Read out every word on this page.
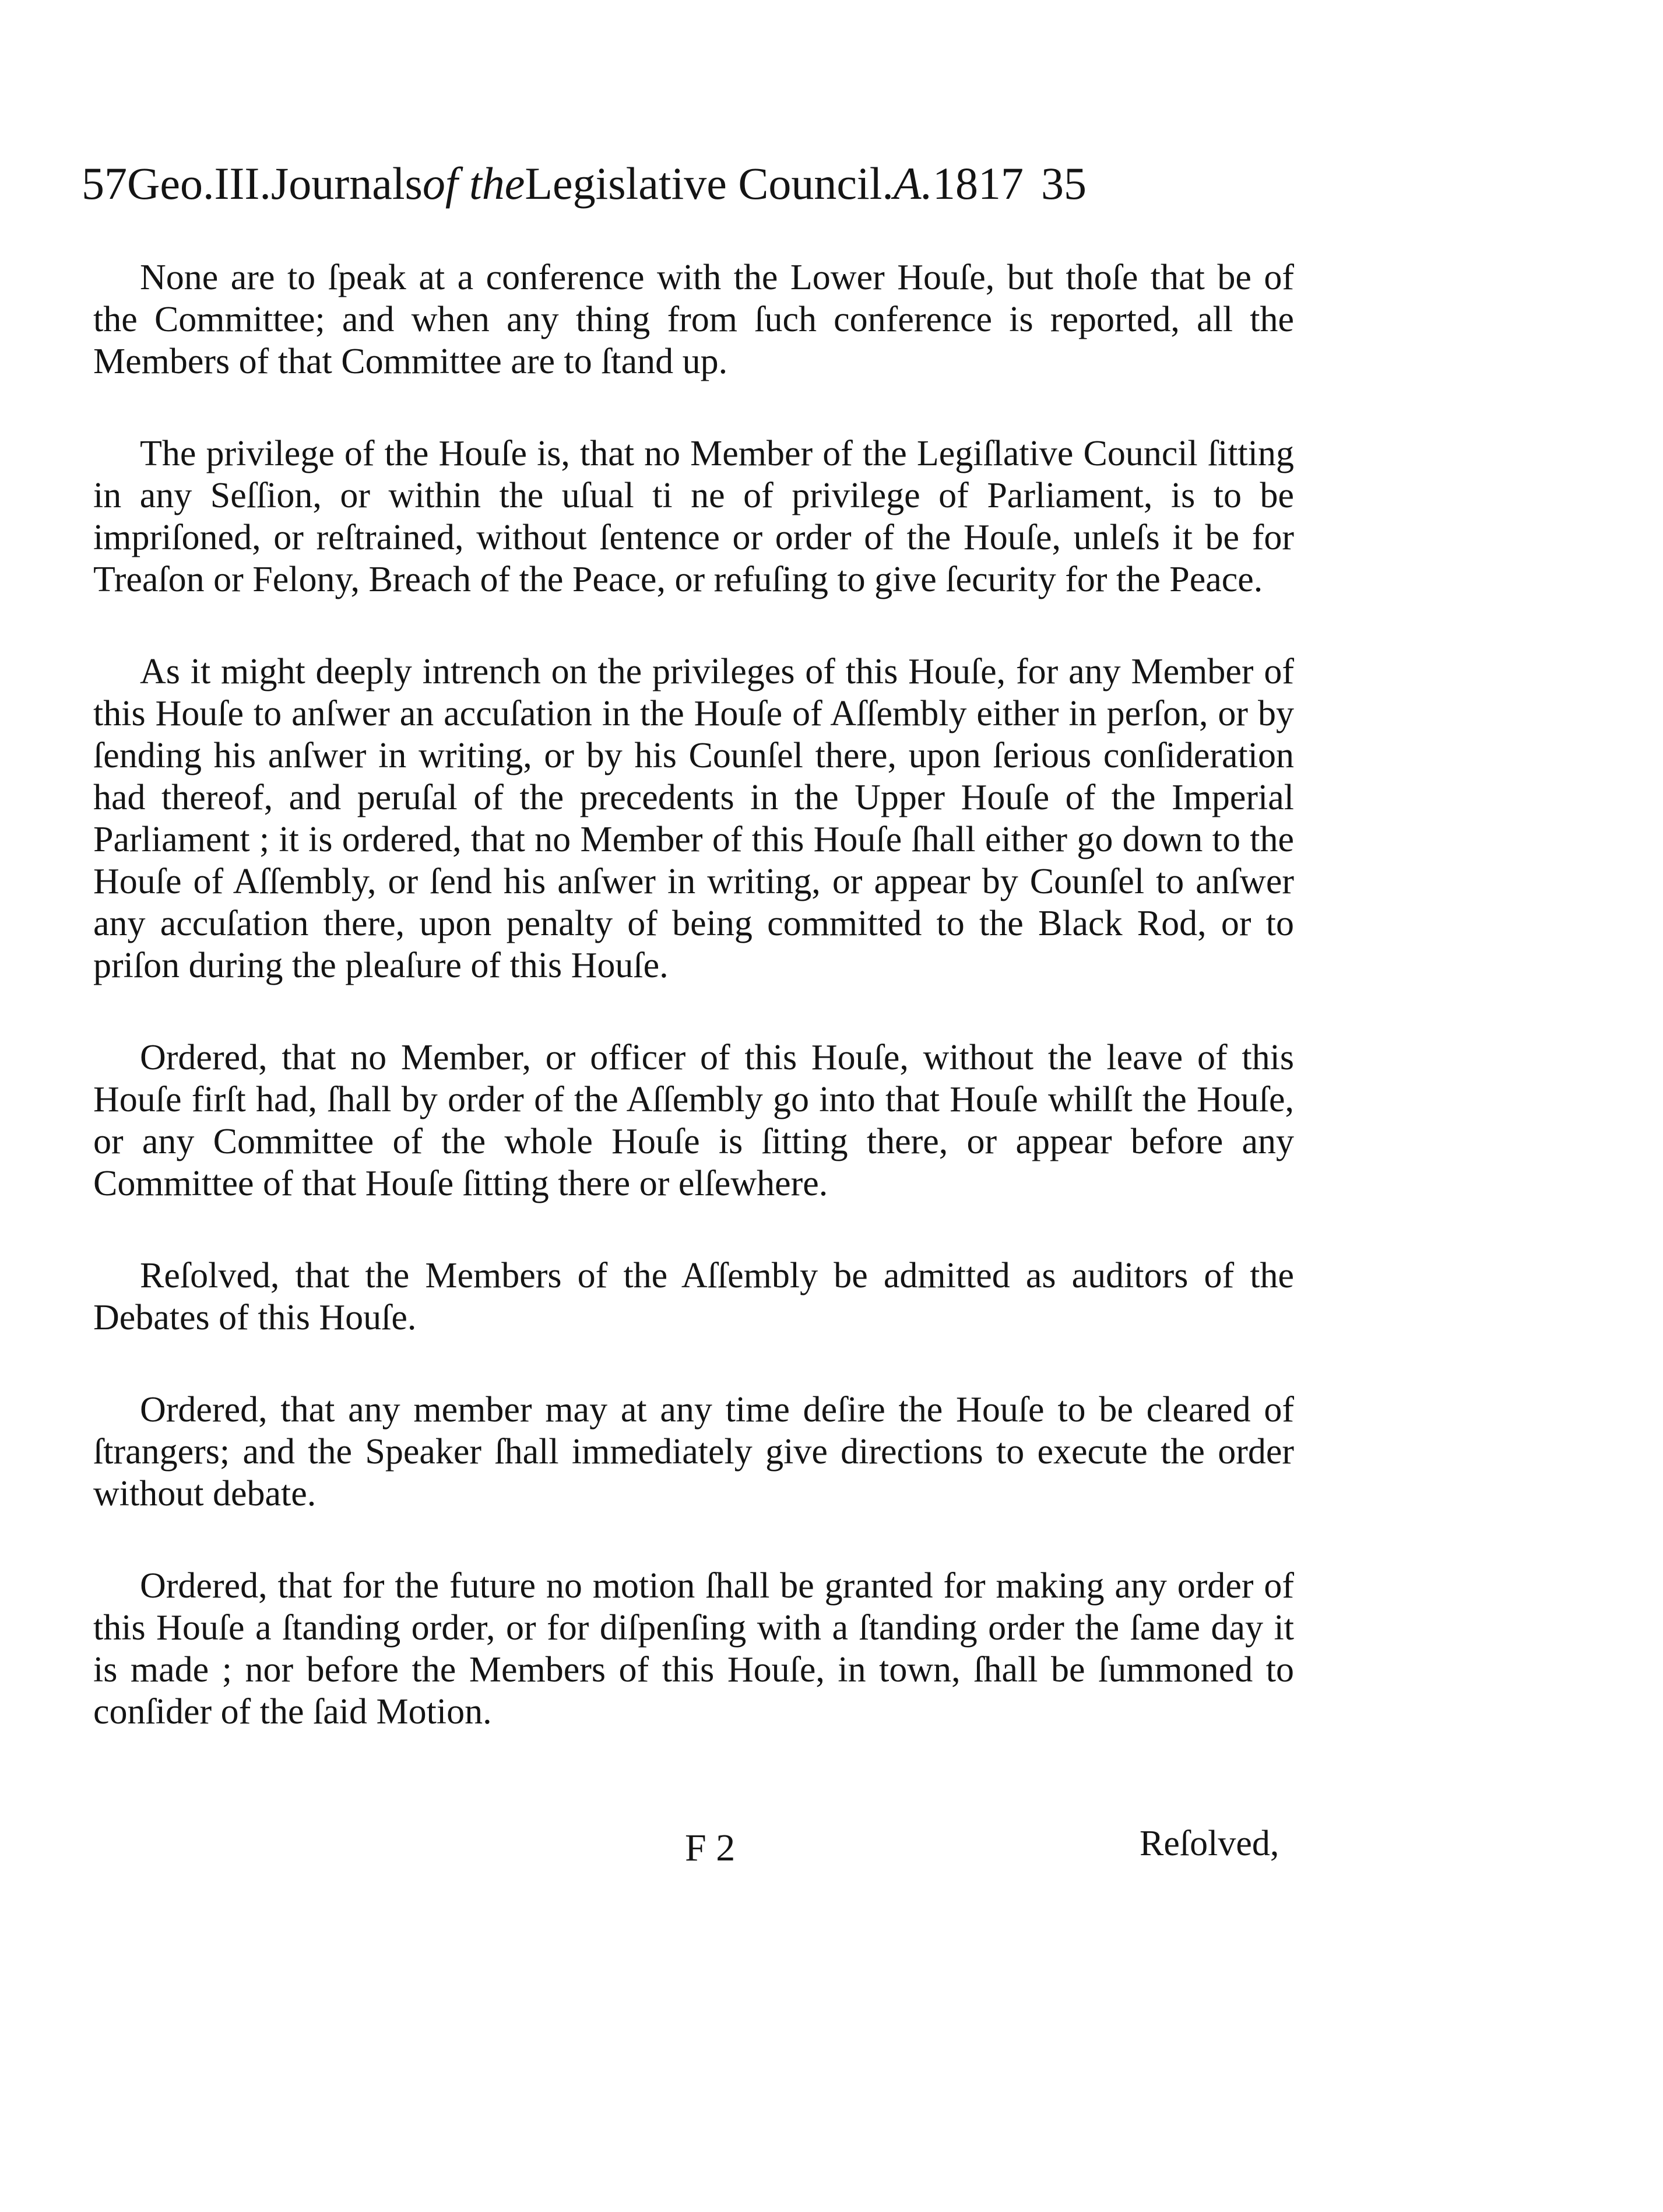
57Geo.III.Journalsof theLegislative Council.A.1817 35

None are to ſpeak at a conference with the Lower Houſe, but thoſe that be of the Committee; and when any thing from ſuch conference is reported, all the Members of that Committee are to ſtand up.

The privilege of the Houſe is, that no Member of the Legiſlative Council ſitting in any Seſſion, or within the uſual ti ne of privilege of Parliament, is to be impriſoned, or reſtrained, without ſentence or order of the Houſe, unleſs it be for Treaſon or Felony, Breach of the Peace, or refuſing to give ſecurity for the Peace.

As it might deeply intrench on the privileges of this Houſe, for any Member of this Houſe to anſwer an accuſation in the Houſe of Aſſembly either in perſon, or by ſending his anſwer in writing, or by his Counſel there, upon ſerious conſideration had thereof, and peruſal of the precedents in the Upper Houſe of the Imperial Parliament ; it is ordered, that no Member of this Houſe ſhall either go down to the Houſe of Aſſembly, or ſend his anſwer in writing, or appear by Counſel to anſwer any accuſation there, upon penalty of being committed to the Black Rod, or to priſon during the pleaſure of this Houſe.

Ordered, that no Member, or officer of this Houſe, without the leave of this Houſe firſt had, ſhall by order of the Aſſembly go into that Houſe whilſt the Houſe, or any Committee of the whole Houſe is ſitting there, or appear before any Committee of that Houſe ſitting there or elſewhere.

Reſolved, that the Members of the Aſſembly be admitted as auditors of the Debates of this Houſe.

Ordered, that any member may at any time deſire the Houſe to be cleared of ſtrangers; and the Speaker ſhall immediately give directions to execute the order without debate.

Ordered, that for the future no motion ſhall be granted for making any order of this Houſe a ſtanding order, or for diſpenſing with a ſtanding order the ſame day it is made ; nor before the Members of this Houſe, in town, ſhall be ſummoned to conſider of the ſaid Motion.

F 2	Reſolved,
